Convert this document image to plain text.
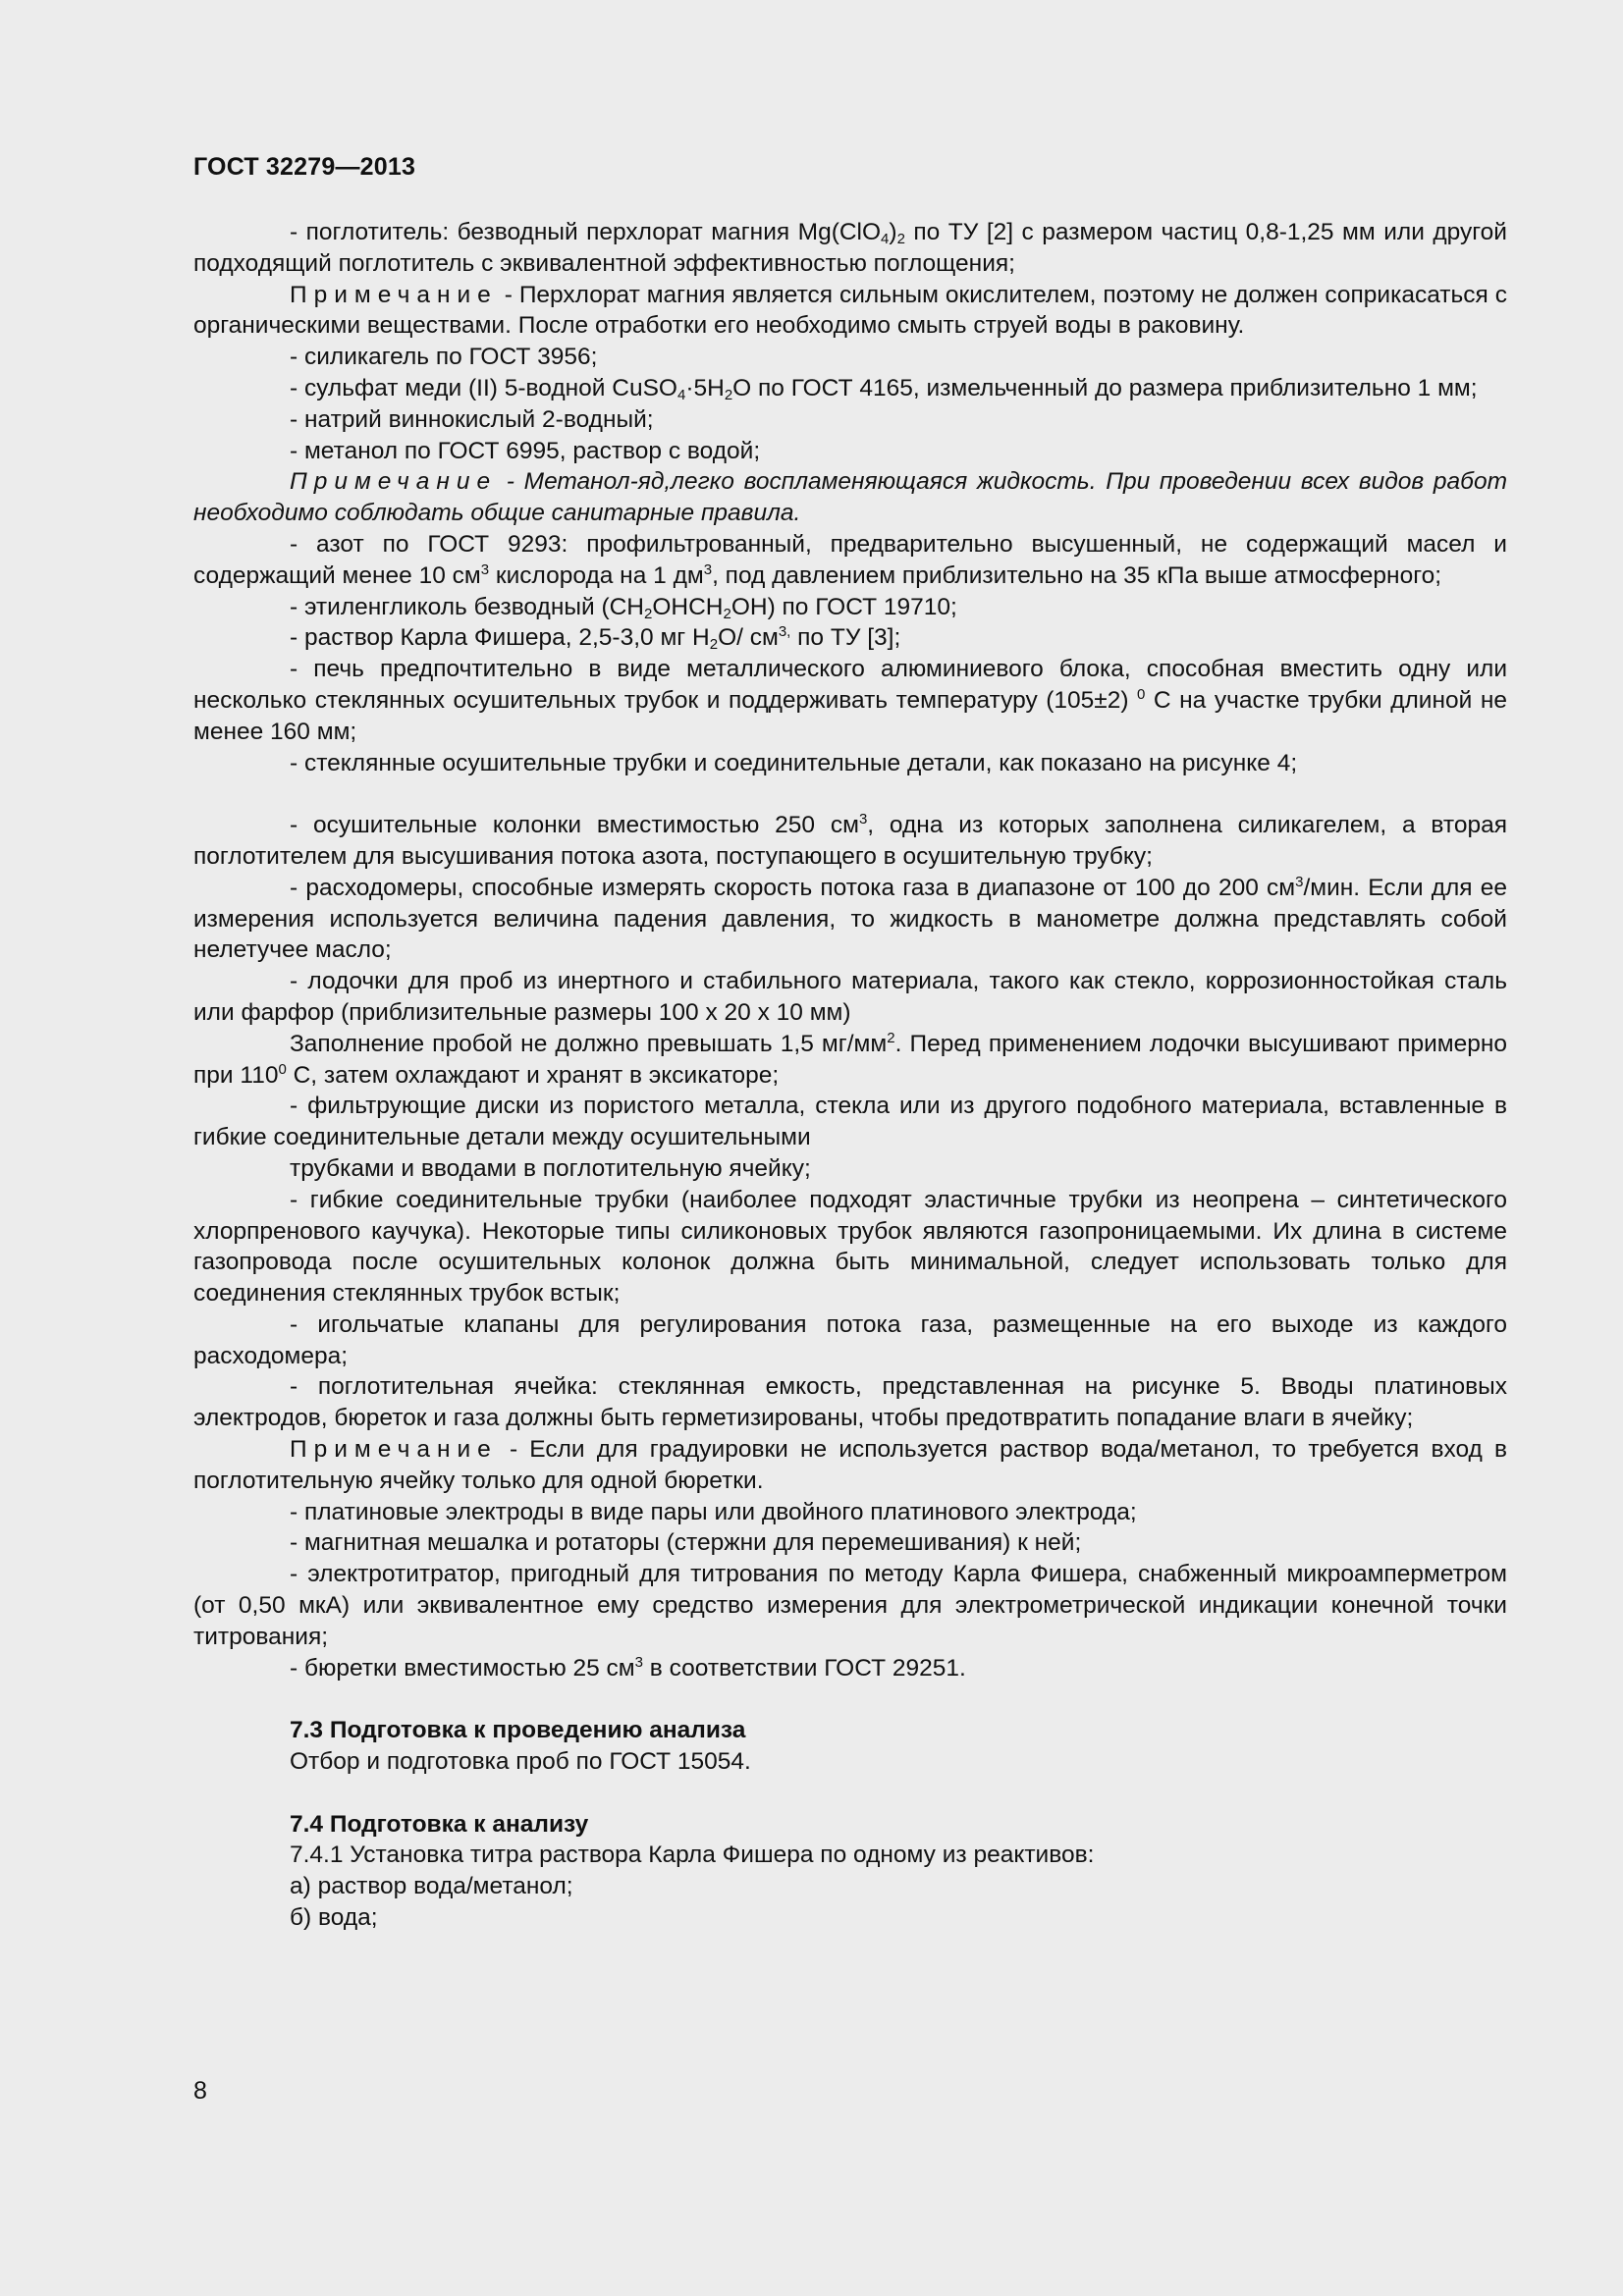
ГОСТ 32279—2013

- поглотитель: безводный перхлорат магния $Mg(ClO_4)_2$ по ТУ [2] с размером частиц 0,8-1,25 мм или другой подходящий поглотитель с эквивалентной эффективностью поглощения;

Примечание - Перхлорат магния является сильным окислителем, поэтому не должен соприкасаться с органическими веществами. После отработки его необходимо смыть струей воды в раковину.

- силикагель по ГОСТ 3956;

- сульфат меди (II) 5-водной $CuSO_4\cdot 5H_2O$ по ГОСТ 4165, измельченный до размера приблизительно 1 мм;

- натрий виннокислый 2-водный;

- метанол по ГОСТ 6995, раствор с водой;

Примечание - Метанол-яд,легко воспламеняющаяся жидкость. При проведении всех видов работ необходимо соблюдать общие санитарные правила.

- азот по ГОСТ 9293: профильтрованный, предварительно высушенный, не содержащий масел и содержащий менее 10 $см^3$ кислорода на 1 $дм^3$, под давлением приблизительно на 35 кПа выше атмосферного;

- этиленгликоль безводный $(CH_2OHCH_2OH)$ по ГОСТ 19710;

- раствор Карла Фишера, 2,5-3,0 мг $H_2O/$ $см^{3,}$ по ТУ [3];

- печь предпочтительно в виде металлического алюминиевого блока, способная вместить одну или несколько стеклянных осушительных трубок и поддерживать температуру (105±2) $^0$ С на участке трубки длиной не менее 160 мм;

- стеклянные осушительные трубки и соединительные детали, как показано на рисунке 4;

- осушительные колонки вместимостью 250 $см^3$, одна из которых заполнена силикагелем, а вторая поглотителем для высушивания потока азота, поступающего в осушительную трубку;

- расходомеры, способные измерять скорость потока газа в диапазоне от 100 до 200 $см^3$/мин. Если для ее измерения используется величина падения давления, то жидкость в манометре должна представлять собой нелетучее масло;

- лодочки для проб из инертного и стабильного материала, такого как стекло, коррозионностойкая сталь или фарфор (приблизительные размеры 100 х 20 х 10 мм)

Заполнение пробой не должно превышать 1,5 $мг/мм^2$. Перед применением лодочки высушивают примерно при $110^0$ С, затем охлаждают и хранят в эксикаторе;

- фильтрующие диски из пористого металла, стекла или из другого подобного материала, вставленные в гибкие соединительные детали между осушительными

трубками и вводами в поглотительную ячейку;

- гибкие соединительные трубки (наиболее подходят эластичные трубки из неопрена – синтетического хлорпренового каучука). Некоторые типы силиконовых трубок являются газопроницаемыми. Их длина в системе газопровода после осушительных колонок должна быть минимальной, следует использовать только для соединения стеклянных трубок встык;

- игольчатые клапаны для регулирования потока газа, размещенные на его выходе из каждого расходомера;

- поглотительная ячейка: стеклянная емкость, представленная на рисунке 5. Вводы платиновых электродов, бюреток и газа должны быть герметизированы, чтобы предотвратить попадание влаги в ячейку;

Примечание - Если для градуировки не используется раствор вода/метанол, то требуется вход в поглотительную ячейку только для одной бюретки.

- платиновые электроды в виде пары или двойного платинового электрода;

- магнитная мешалка и ротаторы (стержни для перемешивания) к ней;

- электротитратор, пригодный для титрования по методу Карла Фишера, снабженный микроамперметром (от 0,50 мкА) или эквивалентное ему средство измерения для электрометрической индикации конечной точки титрования;

- бюретки вместимостью 25 $см^3$ в соответствии ГОСТ 29251.

7.3 Подготовка к проведению анализа

Отбор и подготовка проб по ГОСТ 15054.

7.4 Подготовка к анализу

7.4.1 Установка титра раствора Карла Фишера по одному из реактивов:

а) раствор вода/метанол;

б) вода;

8
